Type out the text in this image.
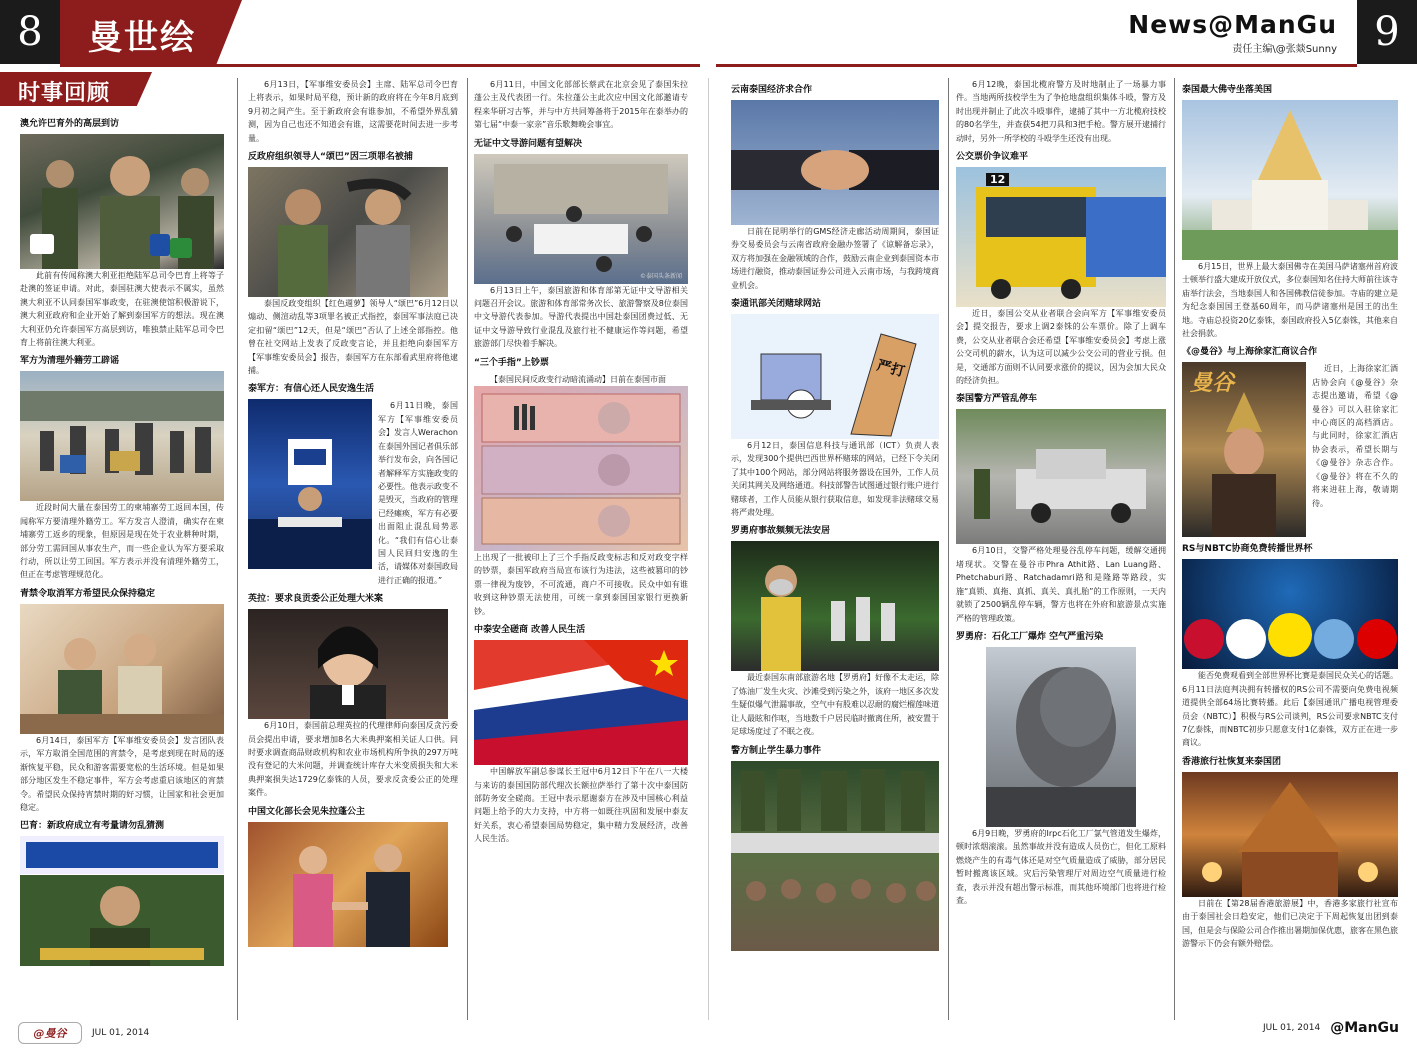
8	曼世绘	News@ManGu
责任主编\@张燚Sunny 9
时事回顾
澳允许巴育外的高层到访

此前有传闻称澳大利亚拒绝陆军总司令巴育上将等子赴澳的签证申请。对此，泰国驻澳大使表示不属实，虽然澳大利亚不认同泰国军事政变，在驻澳使馆积极游说下，澳大利亚政府和企业开始了解到泰国军方的想法。现在澳大利亚仍允许泰国军方高层到访，唯独禁止陆军总司令巴育上将前往澳大利亚。

军方为清理外籍劳工辟谣

近段时间大量在泰国劳工的柬埔寨劳工返回本国，传闻称军方要清理外籍劳工。军方发言人澄清，确实存在柬埔寨劳工返乡的现象，但原因是现在处于农业耕种时期，部分劳工需回国从事农生产，而一些企业认为军方要采取行动，所以让劳工回国。军方表示并没有清理外籍劳工，但正在考虑管理规范化。

青禁令取消军方希望民众保持稳定

6月14日，泰国军方【军事维安委员会】发言团队表示，军方取消全国范围的宵禁令，是考虑到现在时局的逐渐恢复平稳，民众和游客需要宽松的生活环境。但是如果部分地区发生不稳定事件，军方会考虑重启该地区的宵禁令。希望民众保持宵禁时期的好习惯，让国家和社会更加稳定。

巴育：新政府成立有考量请勿乱猜测

6月13日，【军事维安委员会】主席、陆军总司令巴育上将表示，如果时局平稳，预计新的政府将在今年8月底到9月初之间产生。至于新政府会有谁参加，不希望外界乱猜测，因为自己也还不知道会有谁，这需要花时间去进一步考量。

反政府组织领导人“颂巴”因三项罪名被捕

泰国反政变组织【红色週萝】领导人“颂巴”6月12日以煽动、侧渲动乱等3项罪名被正式指控，泰国军事法庭已决定扣留“颂巴”12天，但是“颂巴”否认了上述全部指控。他曾在社交网站上发表了反政变言论，并且拒绝向泰国军方【军事维安委员会】报告，泰国军方在东部看武里府将他逮捕。

泰军方：有信心还人民安逸生活

6月11日晚，泰国军方【军事维安委员会】发言人Werachon在泰国外国记者俱乐部举行发布会，向各国记者解释军方实施政变的必要性。他表示政变不是毁灭，当政府的管理已经瘫痪，军方有必要出面阻止混乱局势恶化。“我们有信心让泰国人民回归安逸的生活，请媒体对泰国政局进行正确的报道。”

英拉：要求良贡委公正处理大米案

6月10日，泰国前总理英拉的代理律师向泰国反贪污委员会提出申请，要求增加8名大米典押案相关证人口供。同时要求调查商品财政机构和农业市场机构所争执的297万吨没有登记的大米问题，并调查统计库存大米变质损失和大米典押案损失达1729亿泰铢的人员，要求反贪委公正的处理案件。

中国文化部长会见朱拉蓬公主

6月11日，中国文化部部长蔡武在北京会见了泰国朱拉蓬公主及代表团一行。朱拉蓬公主此次应中国文化部邀请专程来华研习古筝，并与中方共同筹备将于2015年在泰举办的第七届“中泰一家亲”音乐歌舞晚会事宜。

无证中文导游问题有望解决
©泰国头条新闻

6月13日上午，泰国旅游和体育部第无证中文导游相关问题召开会议。旅游和体育部常务次长、旅游警察及8位泰国中文导游代表参加。导游代表提出中国赴泰国团费过低、无证中文导游导致行业混乱及旅行社不健康运作等问题，希望旅游部门尽快着手解决。

“三个手指”上钞票

【泰国民间反政变行动暗流涌动】日前在泰国市面

上出现了一批被印上了三个手指反政变标志和反对政变字样的钞票，泰国军政府当局宣布该行为违法，这些被篡印的钞票一律视为废钞，不可流通，商户不可接收。民众中如有谁收到这种钞票无法使用，可统一拿到泰国国家银行更换新钞。

中泰安全磋商 改善人民生活

中国解放军副总参谋长王冠中6月12日下午在八一大楼与来访的泰国国防部代理次长额拉萨举行了第十次中泰国防部防务安全磋商。王冠中表示愿谢泰方在涉及中国核心利益问题上给予的大力支持，中方将一如既往巩固和发展中泰友好关系，衷心希望泰国局势稳定，集中精力发展经济，改善人民生活。

云南泰国经济求合作

日前在昆明举行的GMS经济走廊活动周期间，泰国证券交易委员会与云南省政府金融办签署了《谅解备忘录》，双方将加强在金融领域的合作，鼓励云南企业到泰国资本市场进行融资，推动泰国证券公司进入云南市场，与我跨境商业机会。

泰通讯部关闭赌球网站
严打

6月12日，泰国信息科技与通讯部（ICT）负责人表示，发现300个提供巴西世界杯赌球的网站，已经下令关闭了其中100个网站，部分网站将服务器设在国外，工作人员关闭其网关及网络通道。科技部警告试图通过银行账户进行赌球者，工作人员能从银行获取信息，如发现非法赌球交易将严肃处理。

罗勇府事故频频无法安居

最近泰国东南部旅游名地【罗勇府】好像不太走运，除了炼油厂发生火灾、沙滩受到污染之外，该府一地区多次发生疑似爆气泄漏事故，空气中有股难以忍耐的腐烂榴莲味道让人最眩和作呕，当地数千户居民临时撤离住所，被安置于足球场度过了不眠之夜。

警方制止学生暴力事件

6月12晚，泰国北榄府警方及时地制止了一场暴力事件。当地两所技校学生为了争抢地盘组织集体斗殴，警方及时出现并制止了此次斗殴事件，逮捕了其中一方北榄府技校的80名学生，并查获54把刀具和3把手枪。警方展开逮捕行动时，另外一所学校的斗殴学生还没有出现。

公交票价争议难平
12

近日，泰国公交从业者联合会向军方【军事维安委员会】提交报告，要求上调2泰铢的公车票价。除了上调车费，公交从业者联合会还希望【军事维安委员会】考虑上涨公交司机的薪水，认为这可以减少公交公司的营业亏损。但是，交通部方面则不认同要求涨价的提议，因为会加大民众的经济负担。

泰国警方严管乱停车

6月10日，交警严格处理曼谷乱停车问题，缓解交通拥堵现状。交警在曼谷市Phra Athit路、Lan Luang路、Phetchaburi路、Ratchadamri路和是隆路等路段，实施“真锁、真拖、真抓、真关、真扎胎”的工作原则，一天内就锁了2500辆乱停车辆，警方也将在外府和旅游景点实施严格的管理政策。

罗勇府：石化工厂爆炸 空气严重污染

6月9日晚，罗勇府的Irpc石化工厂氯气管道发生爆炸，顿时浓烟滚滚。虽然事故并没有造成人员伤亡，但化工原料燃烧产生的有毒气体还是对空气质量造成了威胁，部分居民暂时搬离该区域。灾后污染管理厅对周边空气质量进行检查，表示并没有超出警示标准，而其他环境部门也将进行检查。

泰国最大佛寺坐落美国

6月15日，世界上最大泰国佛寺在美国马萨诸塞州首府波士顿举行盛大建成开放仪式，多位泰国知名住持大师前往该寺庙举行法会，当地泰国人和各国佛教信徒参加。寺庙的建立是为纪念泰国国王登基60周年，而马萨诸塞州是国王的出生地。寺庙总投资20亿泰铢，泰国政府投入5亿泰铢，其他来自社会捐款。

《@曼谷》与上海徐家汇商议合作
曼谷

近日，上海徐家汇酒店协会向《@曼谷》杂志提出邀请，希望《@曼谷》可以入驻徐家汇中心商区的高档酒店。与此同时，徐家汇酒店协会表示，希望长期与《@曼谷》杂志合作。《@曼谷》将在不久的将来进驻上海，敬请期待。

RS与NBTC协商免费转播世界杯

能否免费观看到全部世界杯比赛是泰国民众关心的话题。6月11日法庭判决拥有转播权的RS公司不需要向免费电视频道提供全部64场比赛转播。此后【泰国通讯广播电视管理委员会（NBTC）】积极与RS公司谈判，RS公司要求NBTC支付7亿泰铢，而NBTC初步只愿意支付1亿泰铢，双方正在进一步商议。

香港旅行社恢复来泰国团

日前在【第28届香港旅游展】中，香港多家旅行社宣布由于泰国社会日趋安定，他们已决定于下周起恢复出团到泰国，但是会与保险公司合作推出暑期加保优惠，旅客在黑色旅游警示下仍会有额外赔偿。

@曼谷	JUL 01, 2014	JUL 01, 2014 @ManGu
